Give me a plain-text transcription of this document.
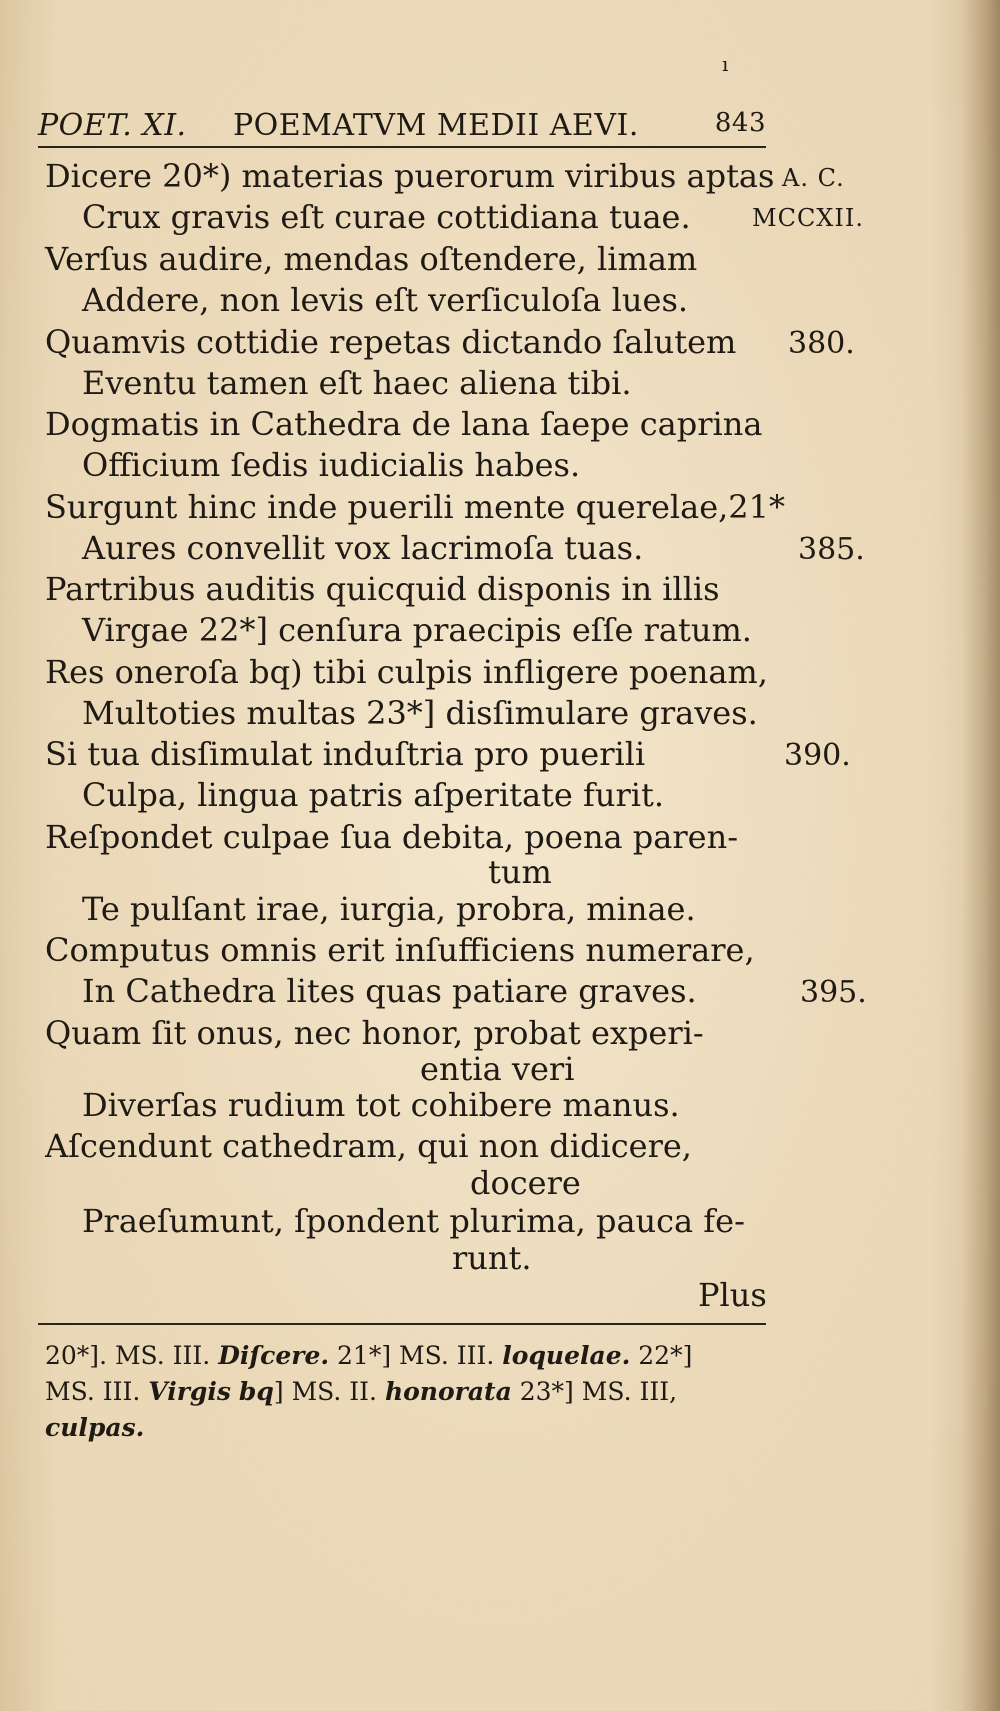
ı
POET. XI. POEMATVM MEDII AEVI.	843
Dicere 20*) materias puerorum viribus aptas
Crux gravis eſt curae cottidiana tuae.
Verſus audire, mendas oſtendere, limam
Addere, non levis eſt verſiculoſa lues.
Quamvis cottidie repetas dictando ſalutem
Eventu tamen eſt haec aliena tibi.
Dogmatis in Cathedra de lana ſaepe caprina
Officium ſedis iudicialis habes.
Surgunt hinc inde puerili mente querelae,21*
Aures convellit vox lacrimoſa tuas.
Partribus auditis quicquid disponis in illis
Virgae 22*] cenſura praecipis eſſe ratum.
Res oneroſa bq) tibi culpis infligere poenam,
Multoties multas 23*] disſimulare graves.
Si tua disſimulat induſtria pro puerili
Culpa, lingua patris aſperitate furit.
Reſpondet culpae ſua debita, poena paren-
tum
Te pulſant irae, iurgia, probra, minae.
Computus omnis erit inſufficiens numerare,
In Cathedra lites quas patiare graves.
Quam ſit onus, nec honor, probat experi-
entia veri
Diverſas rudium tot cohibere manus.
Aſcendunt cathedram, qui non didicere,
docere
Praeſumunt, ſpondent plurima, pauca fe-
runt.
A. C.
MCCXII.
380.
385.
390.
395.
Plus
20*]. MS. III. Diſcere. 21*] MS. III. loquelae. 22*]
MS. III. Virgis bq] MS. II. honorata 23*] MS. III,
culpas.
